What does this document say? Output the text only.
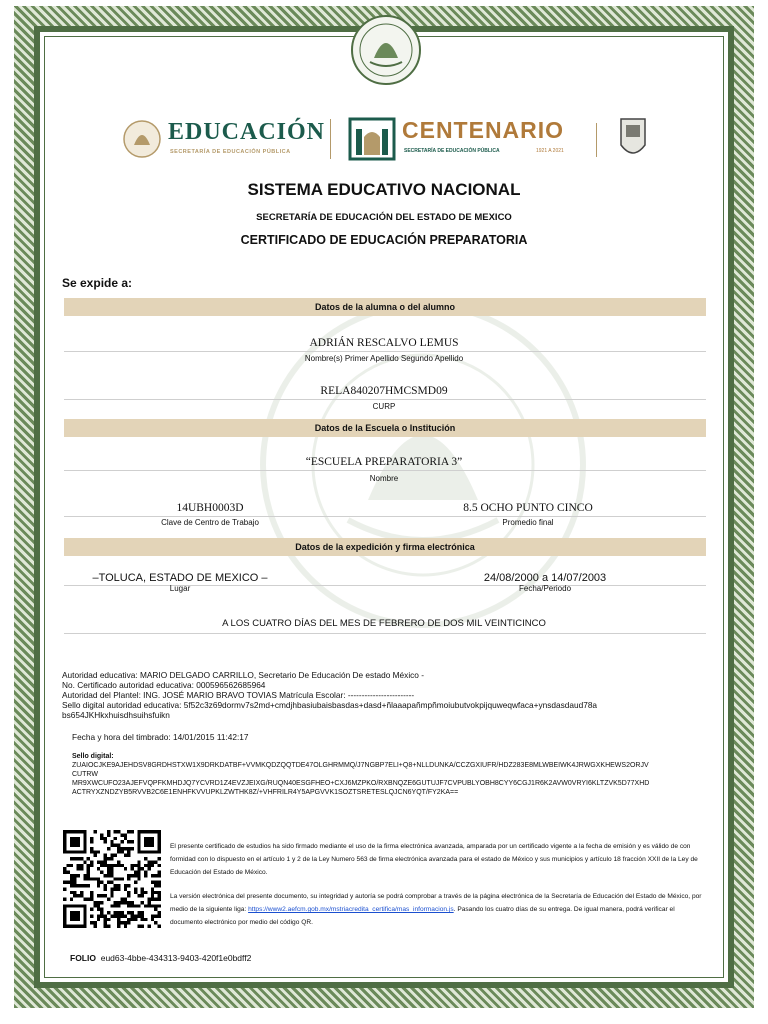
EDUCACIÓN
SECRETARÍA DE EDUCACIÓN PÚBLICA
CENTENARIO
SECRETARÍA DE EDUCACIÓN PÚBLICA	1921 A 2021
SISTEMA EDUCATIVO NACIONAL
SECRETARÍA DE EDUCACIÓN DEL ESTADO DE MEXICO
CERTIFICADO DE EDUCACIÓN PREPARATORIA
Se expide a:
Datos de la alumna o del alumno
ADRIÁN RESCALVO LEMUS
Nombre(s) Primer Apellido Segundo Apellido
RELA840207HMCSMD09
CURP
Datos de la Escuela o Institución
“ESCUELA PREPARATORIA 3”
Nombre
14UBH0003D
Clave de Centro de Trabajo
8.5 OCHO PUNTO CINCO
Promedio final
Datos de la expedición y firma electrónica
–TOLUCA, ESTADO DE MEXICO –
Lugar
24/08/2000 a 14/07/2003
Fecha/Periodo
A LOS CUATRO DÍAS DEL MES DE FEBRERO DE DOS MIL VEINTICINCO
Autoridad educativa: MARIO DELGADO CARRILLO, Secretario De Educación De estado México -
No. Certificado autoridad educativa: 000596562685964
Autoridad del Plantel: ING. JOSÉ MARIO BRAVO TOVIAS Matrícula Escolar: ------------------------
Sello digital autoridad educativa: 5f52c3z69dormv7s2md+cmdjhbasiubaisbasdas+dasd+ñlaaapañmpñmoiubutvokpijquweqwfaca+ynsdasdaud78a
bs654JKHkxhuisdhsuihsfuikn
Fecha y hora del timbrado: 14/01/2015 11:42:17
Sello digital:
ZUAIOCJKE9AJEHDSV8GRDHSTXW1X9DRKDATBF+VVMKQDZQQTDE47OLGHRMMQ/J7NGBP7ELI+Q8+NLLDUNKA/CCZGXIUFR/HDZ283E8MLWBEIWK4JRWGXKHEWS2ORJV
CUTRW
MR9XWCUFO23AJEFVQPFKMHDJQ7YCVRD1Z4EVZJEIXG/RUQN40ESGFHEO+CXJ6MZPKO/RXBNQZE6GUTUJF7CVPUBLYOBH8CYY6CGJ1R6K2AVW0VRYI6KLTZVK5D77XHD
ACTRYXZNDZYB5RVVB2C6E1ENHFKVVUPKLZWTHK8Z/+VHFRILR4Y5APGVVK1SOZTSRETESLQJCN6YQT/FY2KA==
El presente certificado de estudios ha sido firmado mediante el uso de la firma electrónica avanzada, amparada por un certificado vigente a la fecha de emisión y es válido de con formidad con lo dispuesto en el artículo 1 y 2 de la Ley Numero 563 de firma electrónica avanzada para el estado de México y sus municipios y artículo 18 fracción XXII de la Ley de Educación del Estado de México.
La versión electrónica del presente documento, su integridad y autoría se podrá comprobar a través de la página electrónica de la Secretaría de Educación del Estado de México, por medio de la siguiente liga: https://www2.aefcm.gob.mx/mstriacredita_certifica/mas_informacion.js. Pasando los cuatro días de su entrega. De igual manera, podrá verificar el documento electrónico por medio del código QR.
FOLIO eud63-4bbe-434313-9403-420f1e0bdff2
